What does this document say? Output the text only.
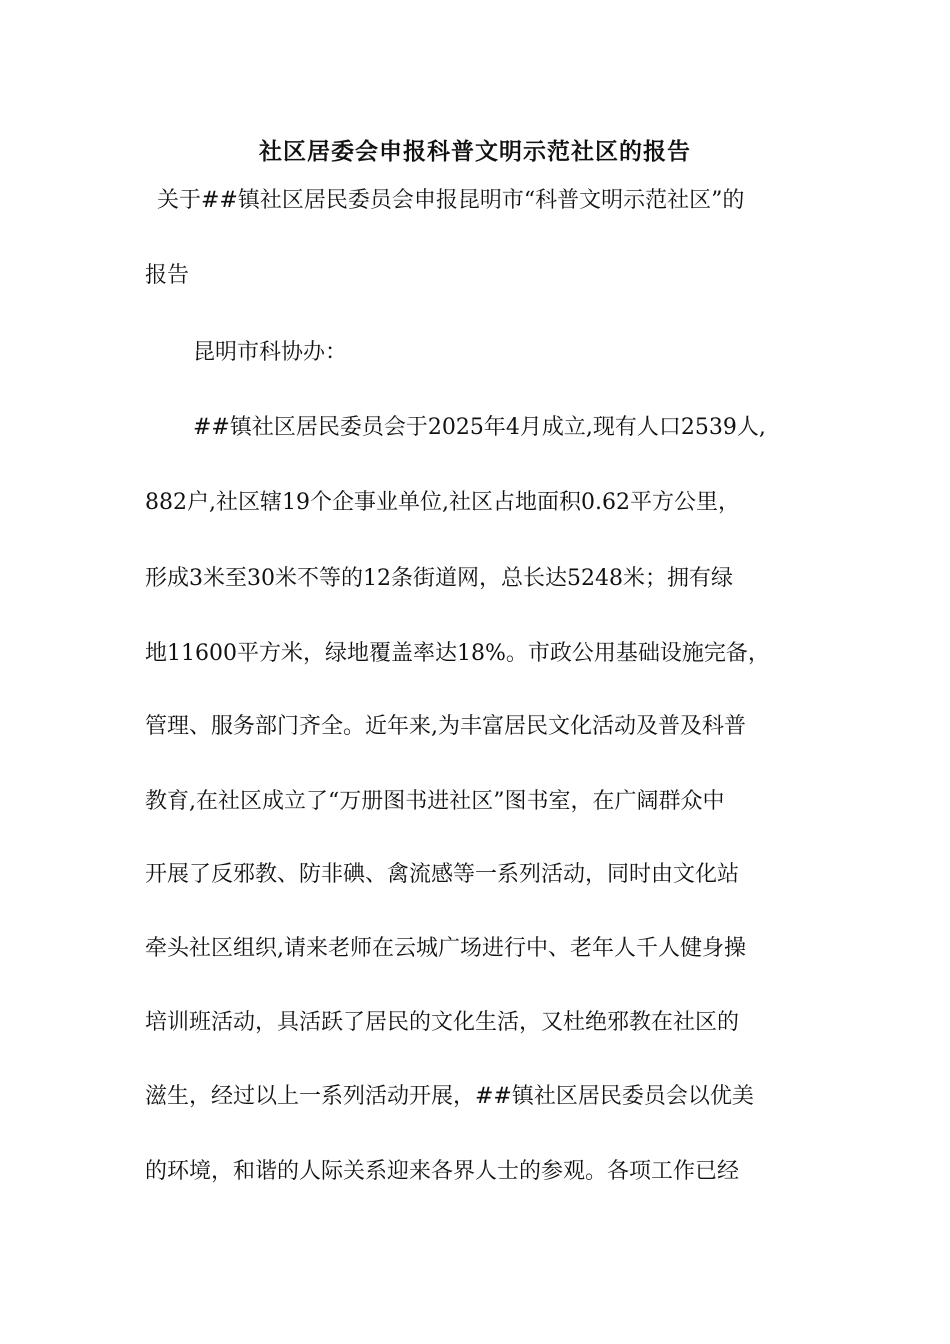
社区居委会申报科普文明示范社区的报告
关于##镇社区居民委员会申报昆明市“科普文明示范社区”的
报告
昆明市科协办：
##镇社区居民委员会于2025年4月成立,现有人口2539人,
882户,社区辖19个企事业单位,社区占地面积0.62平方公里，
形成3米至30米不等的12条街道网，总长达5248米；拥有绿
地11600平方米，绿地覆盖率达18%。市政公用基础设施完备，
管理、服务部门齐全。近年来,为丰富居民文化活动及普及科普
教育,在社区成立了“万册图书进社区”图书室，在广阔群众中
开展了反邪教、防非碘、禽流感等一系列活动，同时由文化站
牵头社区组织,请来老师在云城广场进行中、老年人千人健身操
培训班活动，具活跃了居民的文化生活，又杜绝邪教在社区的
滋生，经过以上一系列活动开展，##镇社区居民委员会以优美
的环境，和谐的人际关系迎来各界人士的参观。各项工作已经
